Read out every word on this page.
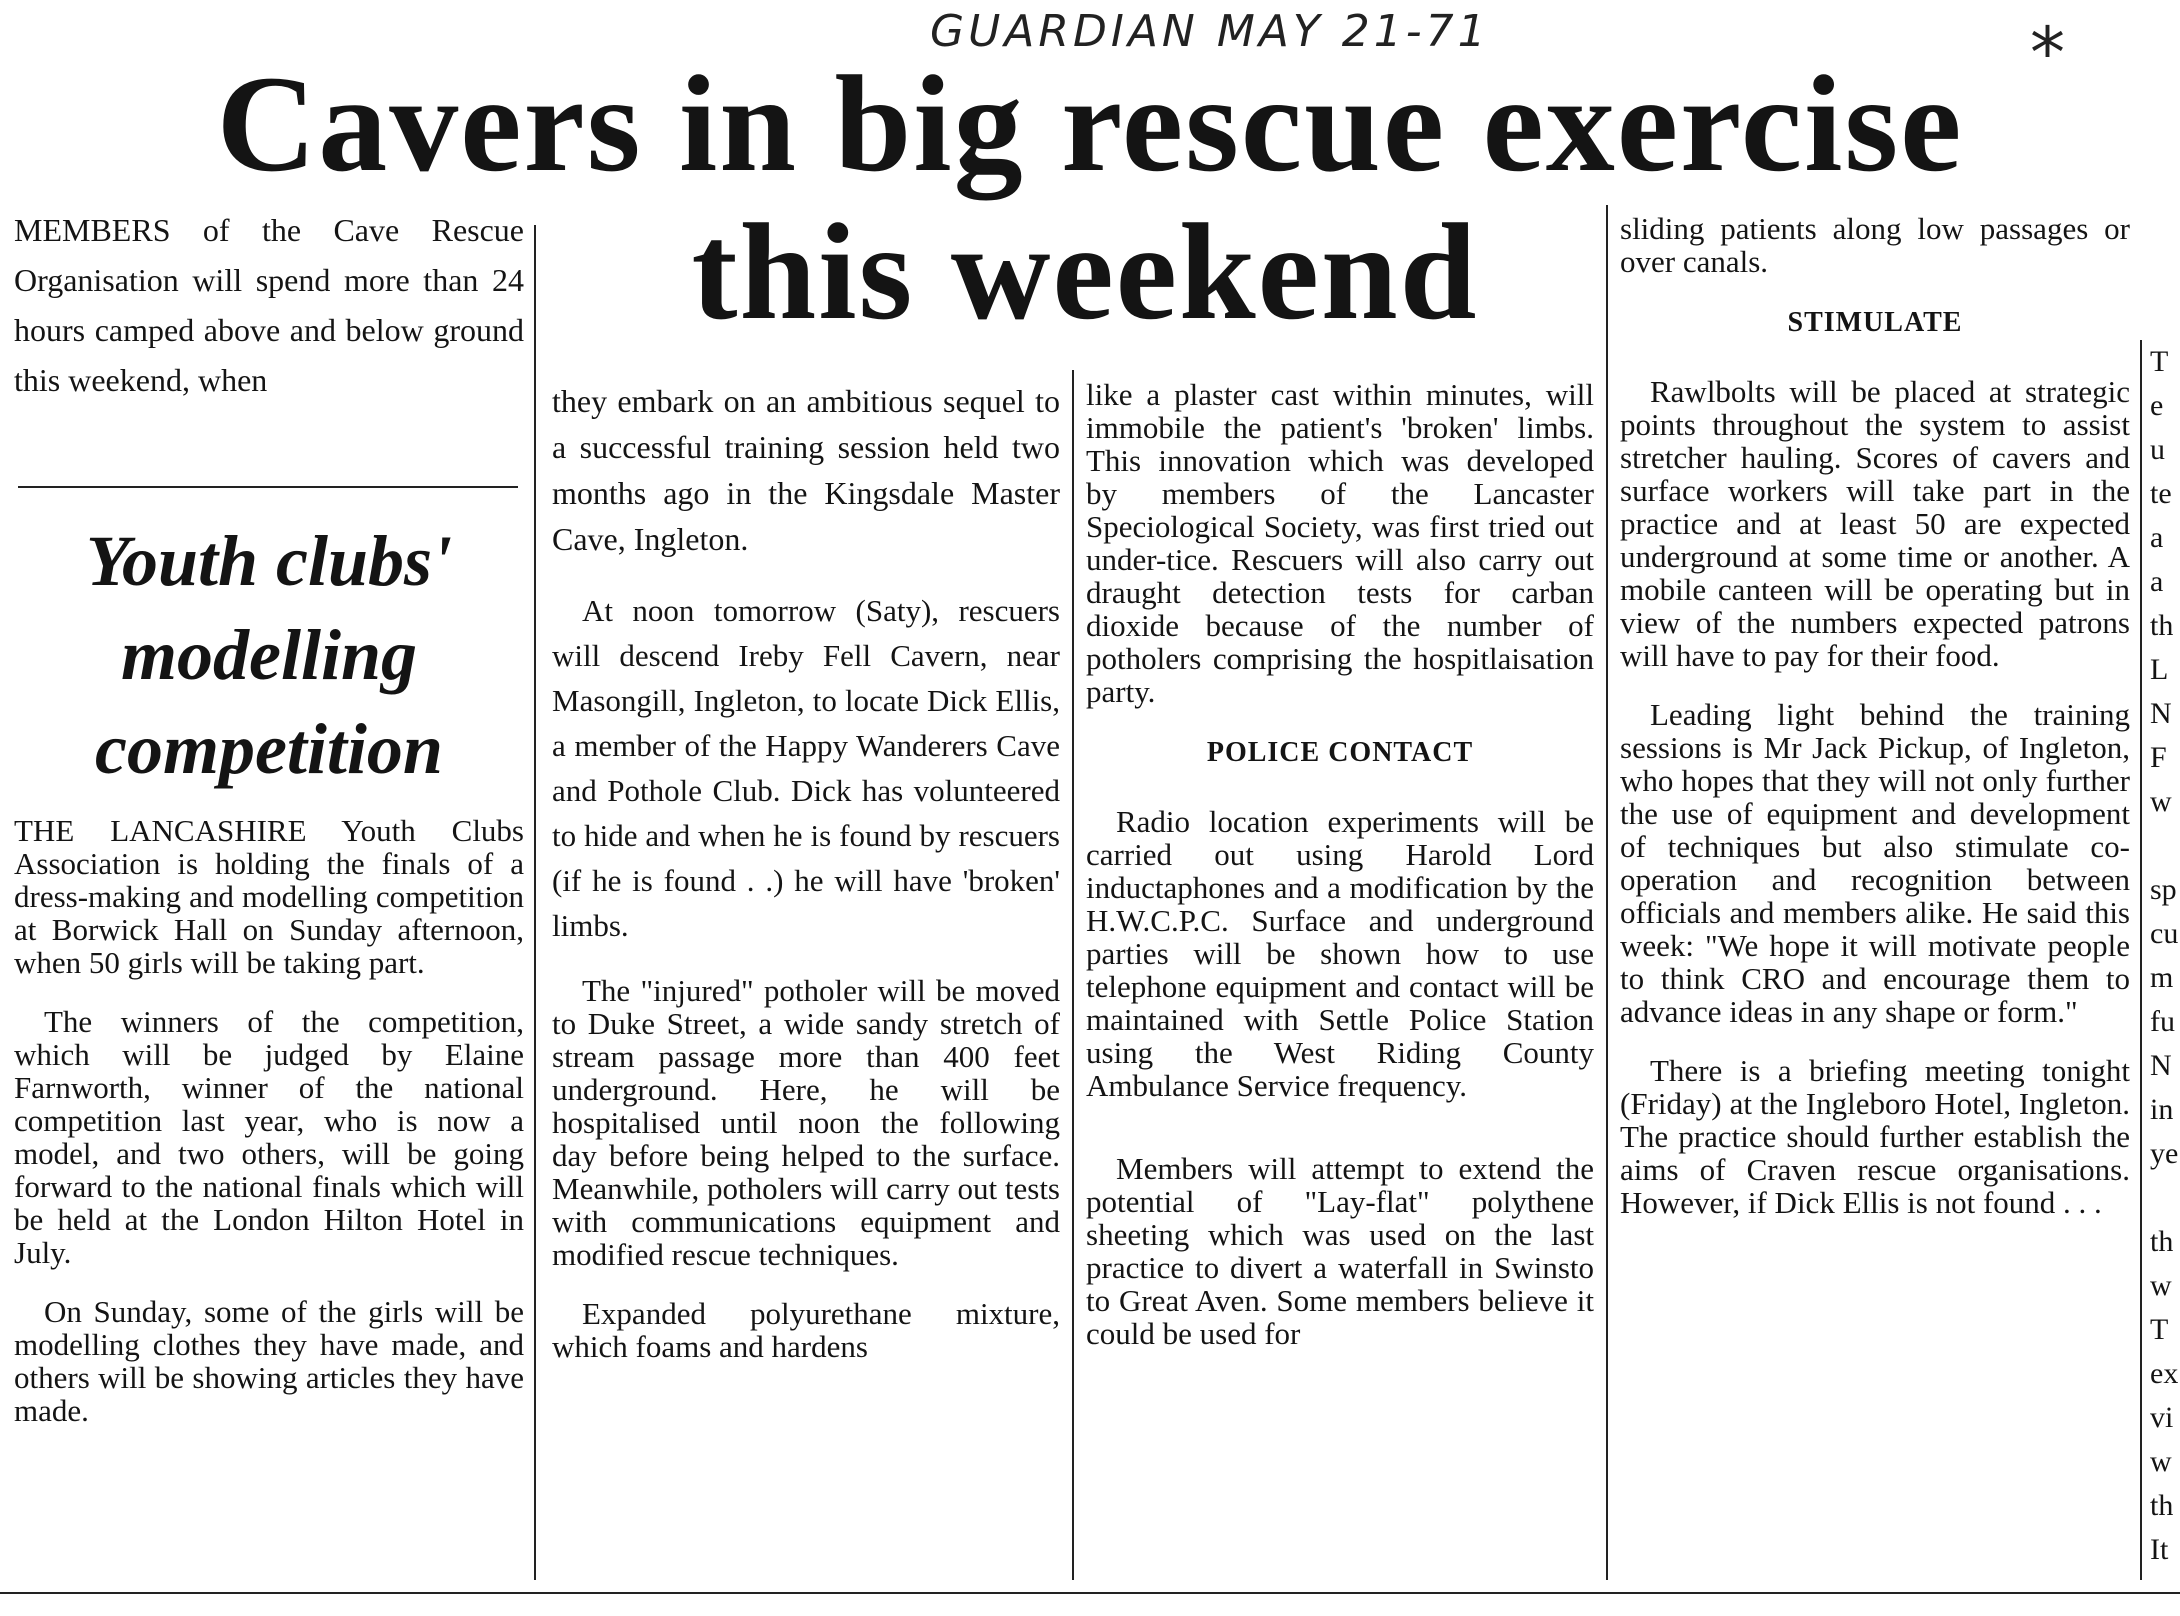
GUARDIAN MAY 21-71	*
Cavers in big rescue exercise
this weekend

MEMBERS of the Cave Rescue Organisation will spend more than 24 hours camped above and below ground this weekend, when

Youth clubs'
modelling
competition

THE LANCASHIRE Youth Clubs Association is holding the finals of a dress-making and modelling competition at Borwick Hall on Sunday afternoon, when 50 girls will be taking part.

The winners of the competition, which will be judged by Elaine Farnworth, winner of the national competition last year, who is now a model, and two others, will be going forward to the national finals which will be held at the London Hilton Hotel in July.

On Sunday, some of the girls will be modelling clothes they have made, and others will be showing articles they have made.

they embark on an ambitious sequel to a successful training session held two months ago in the Kingsdale Master Cave, Ingleton.

At noon tomorrow (Saty), rescuers will descend Ireby Fell Cavern, near Masongill, Ingleton, to locate Dick Ellis, a member of the Happy Wanderers Cave and Pothole Club. Dick has volunteered to hide and when he is found by rescuers (if he is found . .) he will have 'broken' limbs.

The "injured" potholer will be moved to Duke Street, a wide sandy stretch of stream passage more than 400 feet underground. Here, he will be hospitalised until noon the following day before being helped to the surface. Meanwhile, potholers will carry out tests with communications equipment and modified rescue techniques.

Expanded polyurethane mixture, which foams and hardens

like a plaster cast within minutes, will immobile the patient's 'broken' limbs. This innovation which was developed by members of the Lancaster Speciological Society, was first tried out under-tice. Rescuers will also carry out draught detection tests for carban dioxide because of the number of potholers comprising the hospitlaisation party.

POLICE CONTACT

Radio location experiments will be carried out using Harold Lord inductaphones and a modification by the H.W.C.P.C. Surface and underground parties will be shown how to use telephone equipment and contact will be maintained with Settle Police Station using the West Riding County Ambulance Service frequency.

Members will attempt to extend the potential of "Lay-flat" polythene sheeting which was used on the last practice to divert a waterfall in Swinsto to Great Aven. Some members believe it could be used for

sliding patients along low passages or over canals.

STIMULATE

Rawlbolts will be placed at strategic points throughout the system to assist stretcher hauling. Scores of cavers and surface workers will take part in the practice and at least 50 are expected underground at some time or another. A mobile canteen will be operating but in view of the numbers expected patrons will have to pay for their food.

Leading light behind the training sessions is Mr Jack Pickup, of Ingleton, who hopes that they will not only further the use of equipment and development of techniques but also stimulate co-operation and recognition between officials and members alike. He said this week: "We hope it will motivate people to think CRO and encourage them to advance ideas in any shape or form."

There is a briefing meeting tonight (Friday) at the Ingleboro Hotel, Ingleton. The practice should further establish the aims of Craven rescue organisations. However, if Dick Ellis is not found . . .

T
e
u
te
a
a
th
L
N
F
w
sp
cu
m
fu
N
in
ye
th
w
T
ex
vi
w
th
It
